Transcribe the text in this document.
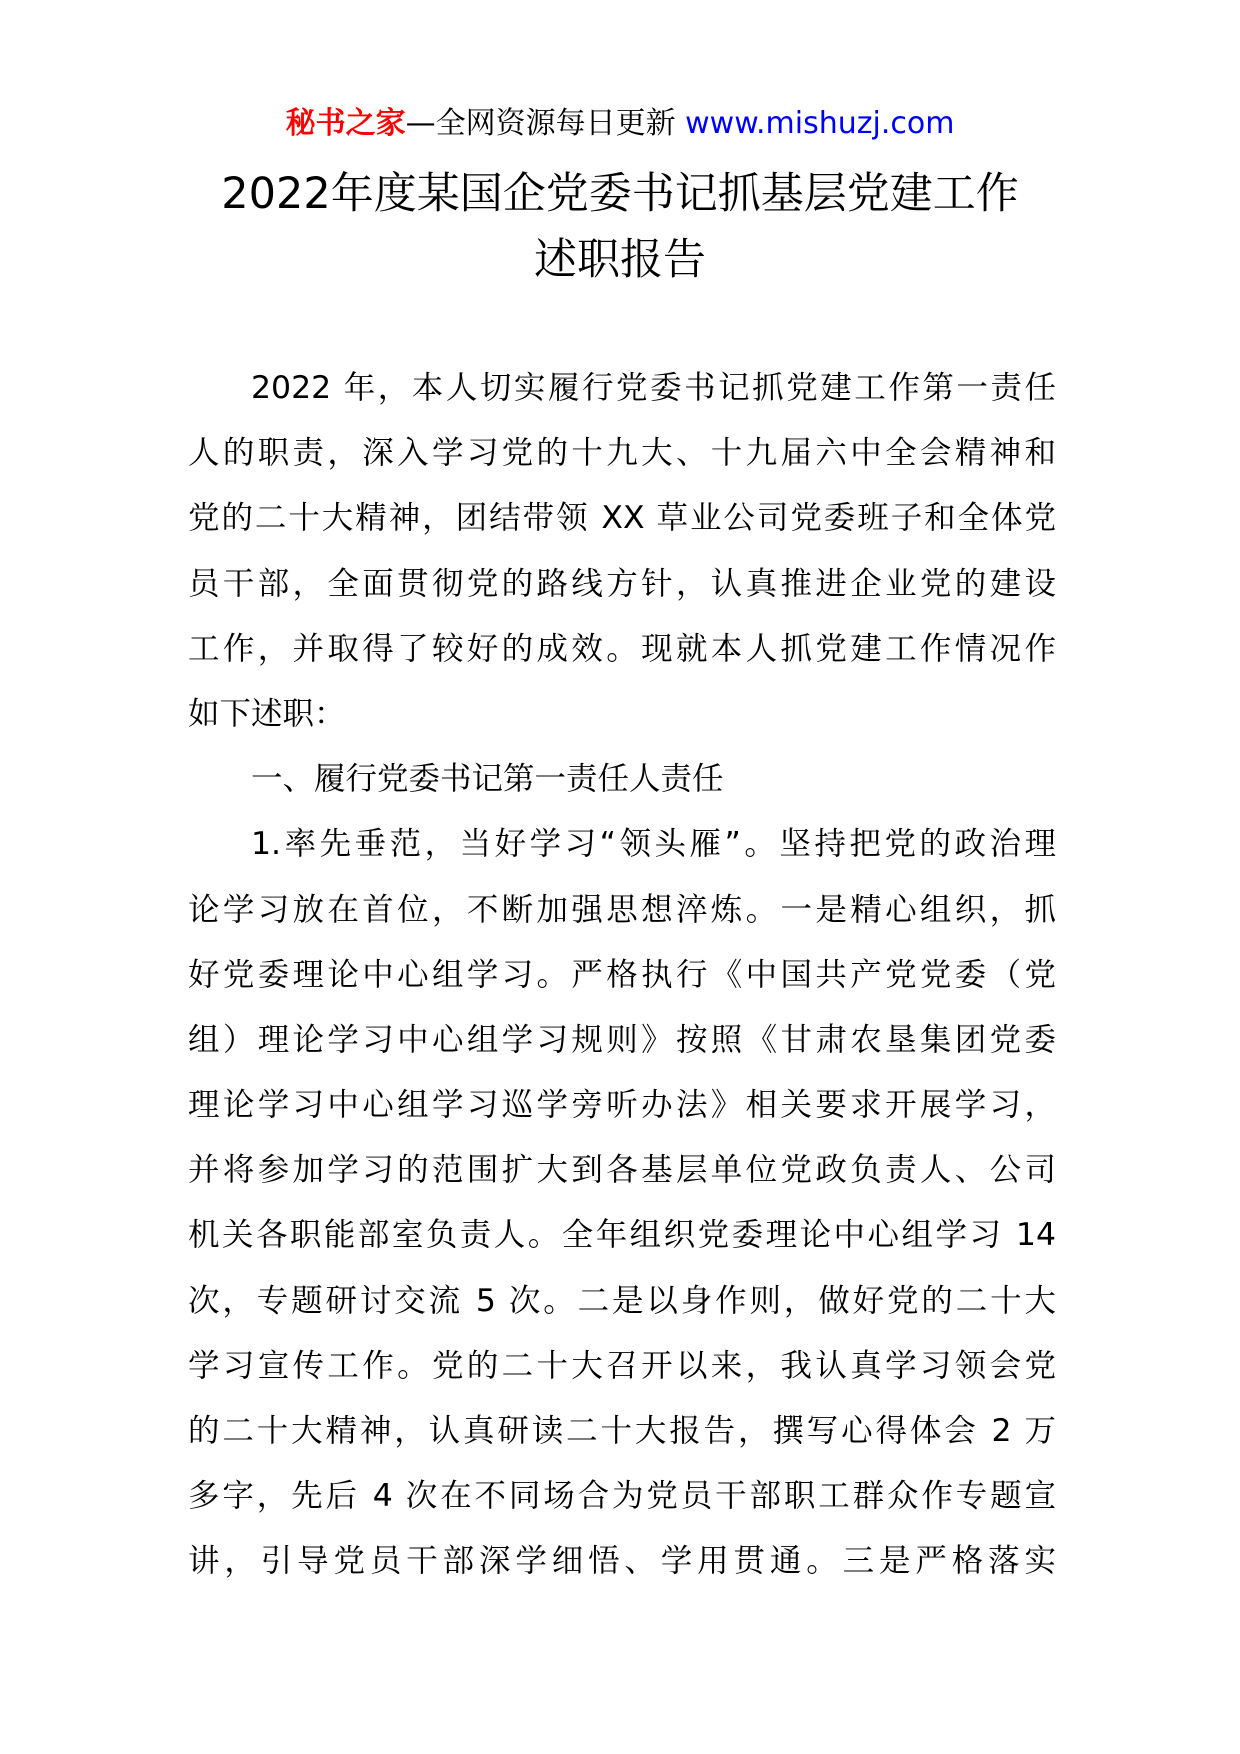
秘书之家—全网资源每日更新 www.mishuzj.com
2022年度某国企党委书记抓基层党建工作
述职报告
2022 年，本人切实履行党委书记抓党建工作第一责任
人的职责，深入学习党的十九大、十九届六中全会精神和
党的二十大精神，团结带领 XX 草业公司党委班子和全体党
员干部，全面贯彻党的路线方针，认真推进企业党的建设
工作，并取得了较好的成效。现就本人抓党建工作情况作
如下述职：
一、履行党委书记第一责任人责任
1.率先垂范，当好学习“领头雁”。坚持把党的政治理
论学习放在首位，不断加强思想淬炼。一是精心组织，抓
好党委理论中心组学习。严格执行《中国共产党党委（党
组）理论学习中心组学习规则》按照《甘肃农垦集团党委
理论学习中心组学习巡学旁听办法》相关要求开展学习，
并将参加学习的范围扩大到各基层单位党政负责人、公司
机关各职能部室负责人。全年组织党委理论中心组学习 14
次，专题研讨交流 5 次。二是以身作则，做好党的二十大
学习宣传工作。党的二十大召开以来，我认真学习领会党
的二十大精神，认真研读二十大报告，撰写心得体会 2 万
多字，先后 4 次在不同场合为党员干部职工群众作专题宣
讲，引导党员干部深学细悟、学用贯通。三是严格落实
